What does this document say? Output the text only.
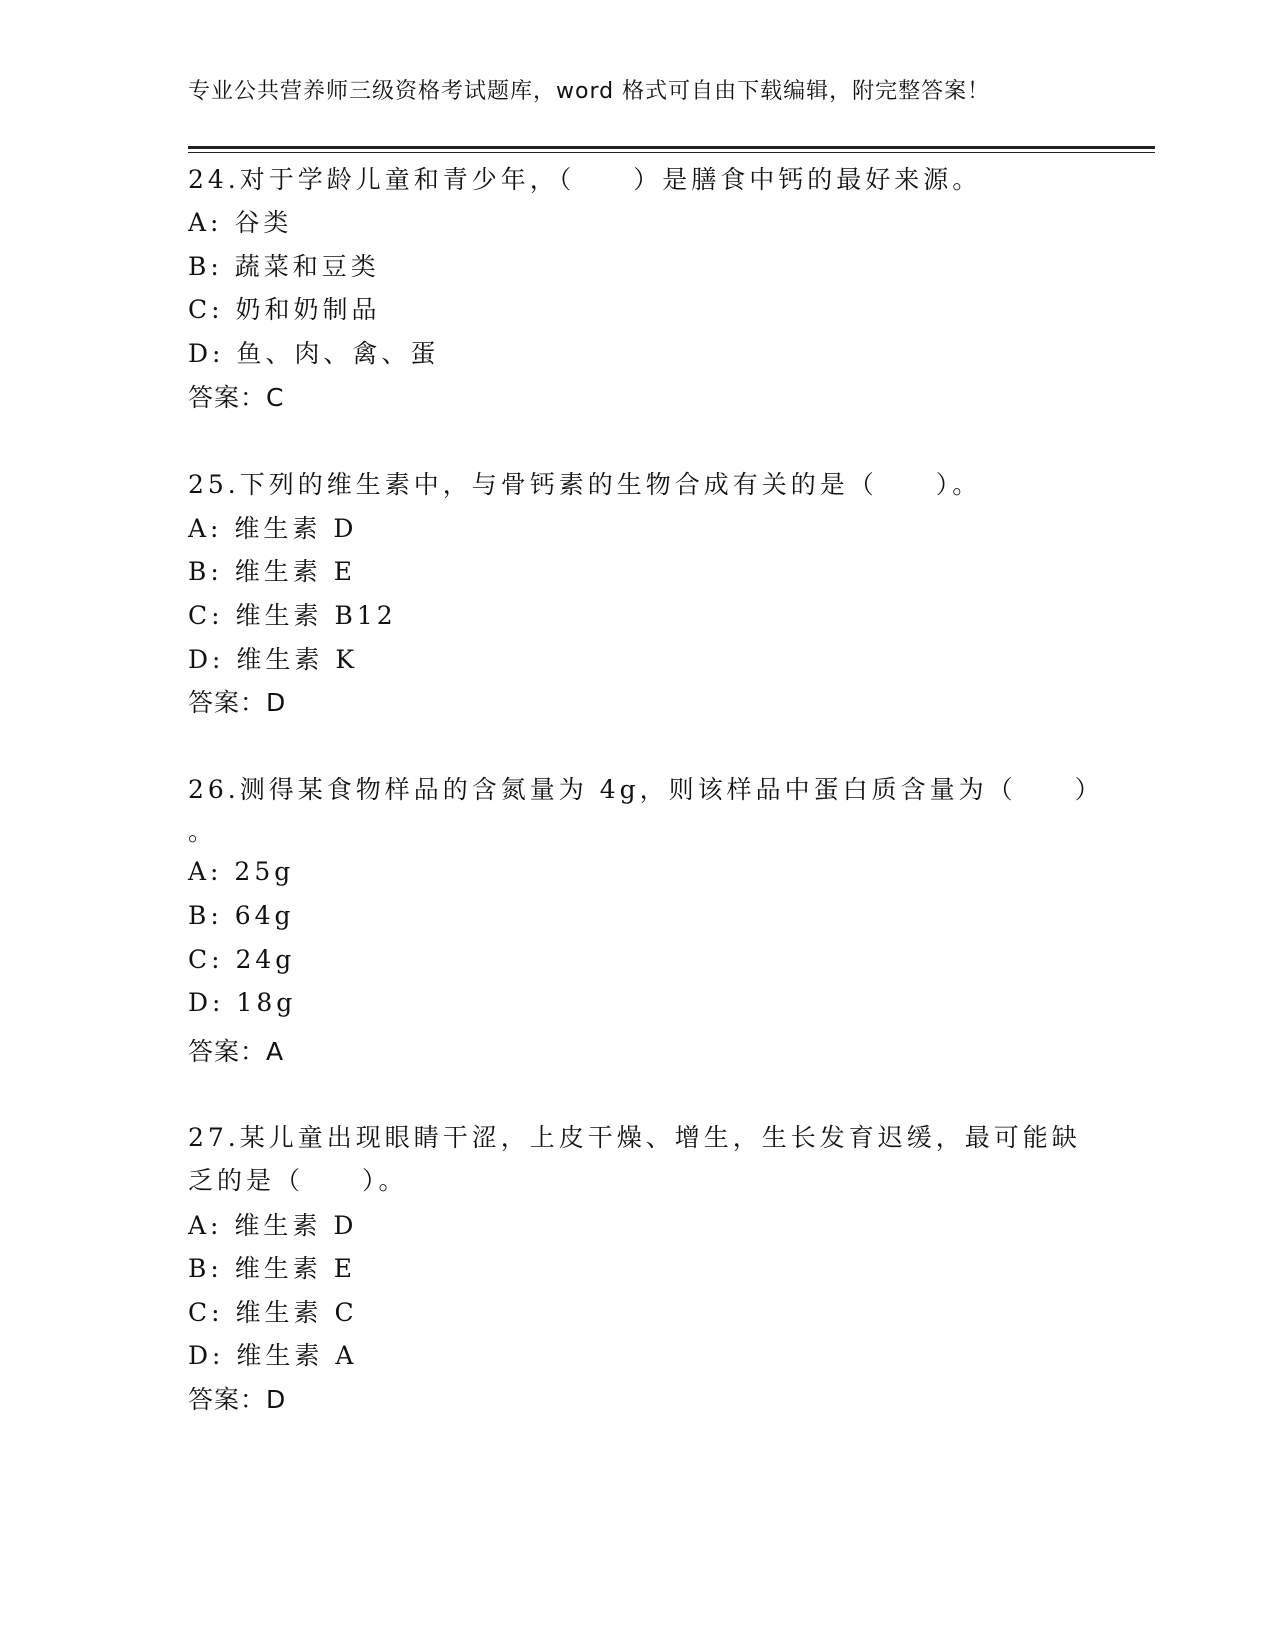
专业公共营养师三级资格考试题库，word 格式可自由下载编辑，附完整答案！
24.对于学龄儿童和青少年，（　　）是膳食中钙的最好来源。
A: 谷类
B: 蔬菜和豆类
C: 奶和奶制品
D: 鱼、肉、禽、蛋
答案：C
25.下列的维生素中，与骨钙素的生物合成有关的是（　　）。
A: 维生素 D
B: 维生素 E
C: 维生素 B12
D: 维生素 K
答案：D
26.测得某食物样品的含氮量为 4g，则该样品中蛋白质含量为（　　）
。
A: 25g
B: 64g
C: 24g
D: 18g
答案：A
27.某儿童出现眼睛干涩，上皮干燥、增生，生长发育迟缓，最可能缺
乏的是（　　）。
A: 维生素 D
B: 维生素 E
C: 维生素 C
D: 维生素 A
答案：D
